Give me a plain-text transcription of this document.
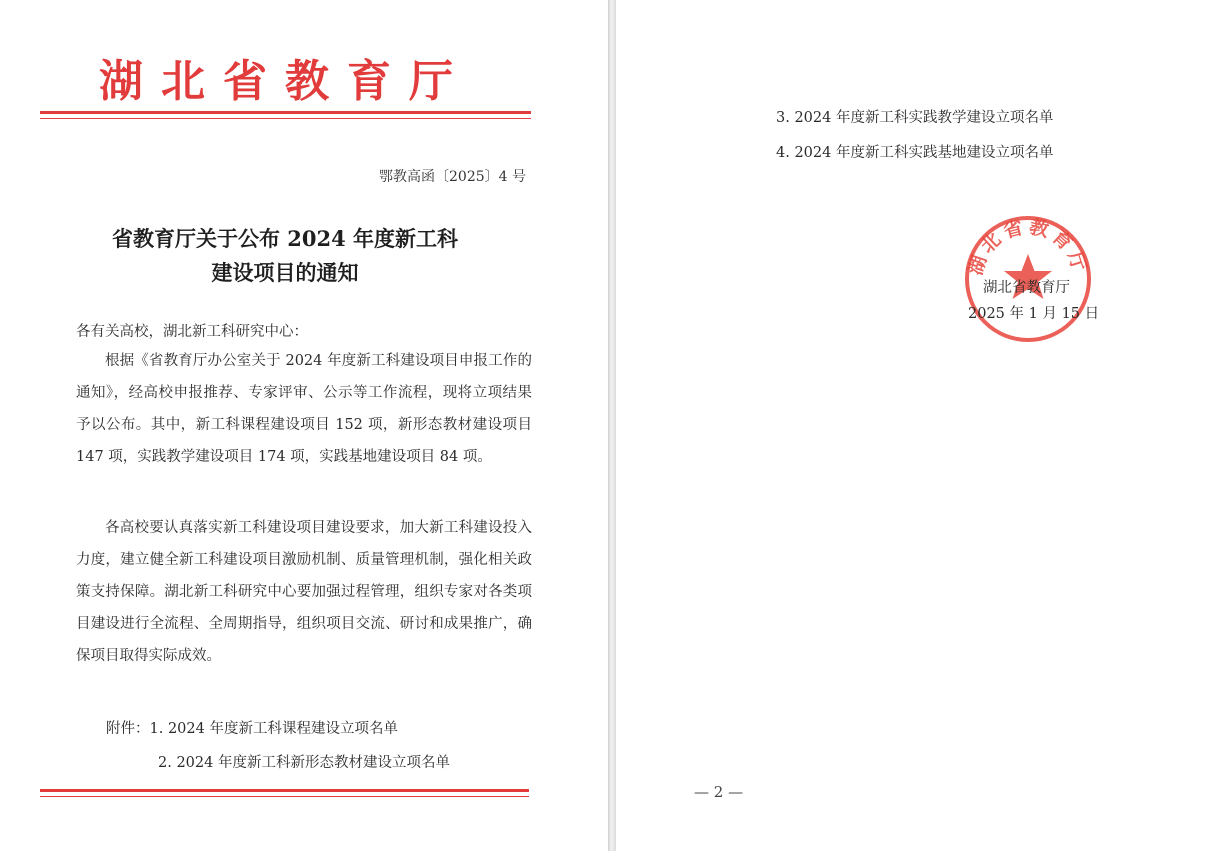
湖北省教育厅
鄂教高函〔2025〕4 号
省教育厅关于公布 2024 年度新工科
建设项目的通知
各有关高校，湖北新工科研究中心：
根据《省教育厅办公室关于 2024 年度新工科建设项目申报工作的通知》，经高校申报推荐、专家评审、公示等工作流程，现将立项结果予以公布。其中，新工科课程建设项目 152 项，新形态教材建设项目 147 项，实践教学建设项目 174 项，实践基地建设项目 84 项。
各高校要认真落实新工科建设项目建设要求，加大新工科建设投入力度，建立健全新工科建设项目激励机制、质量管理机制，强化相关政策支持保障。湖北新工科研究中心要加强过程管理，组织专家对各类项目建设进行全流程、全周期指导，组织项目交流、研讨和成果推广，确保项目取得实际成效。
附件：1. 2024 年度新工科课程建设立项名单
2. 2024 年度新工科新形态教材建设立项名单
3. 2024 年度新工科实践教学建设立项名单
4. 2024 年度新工科实践基地建设立项名单
湖北省教育厅
湖北省教育厅
2025 年 1 月 15 日
— 2 —
